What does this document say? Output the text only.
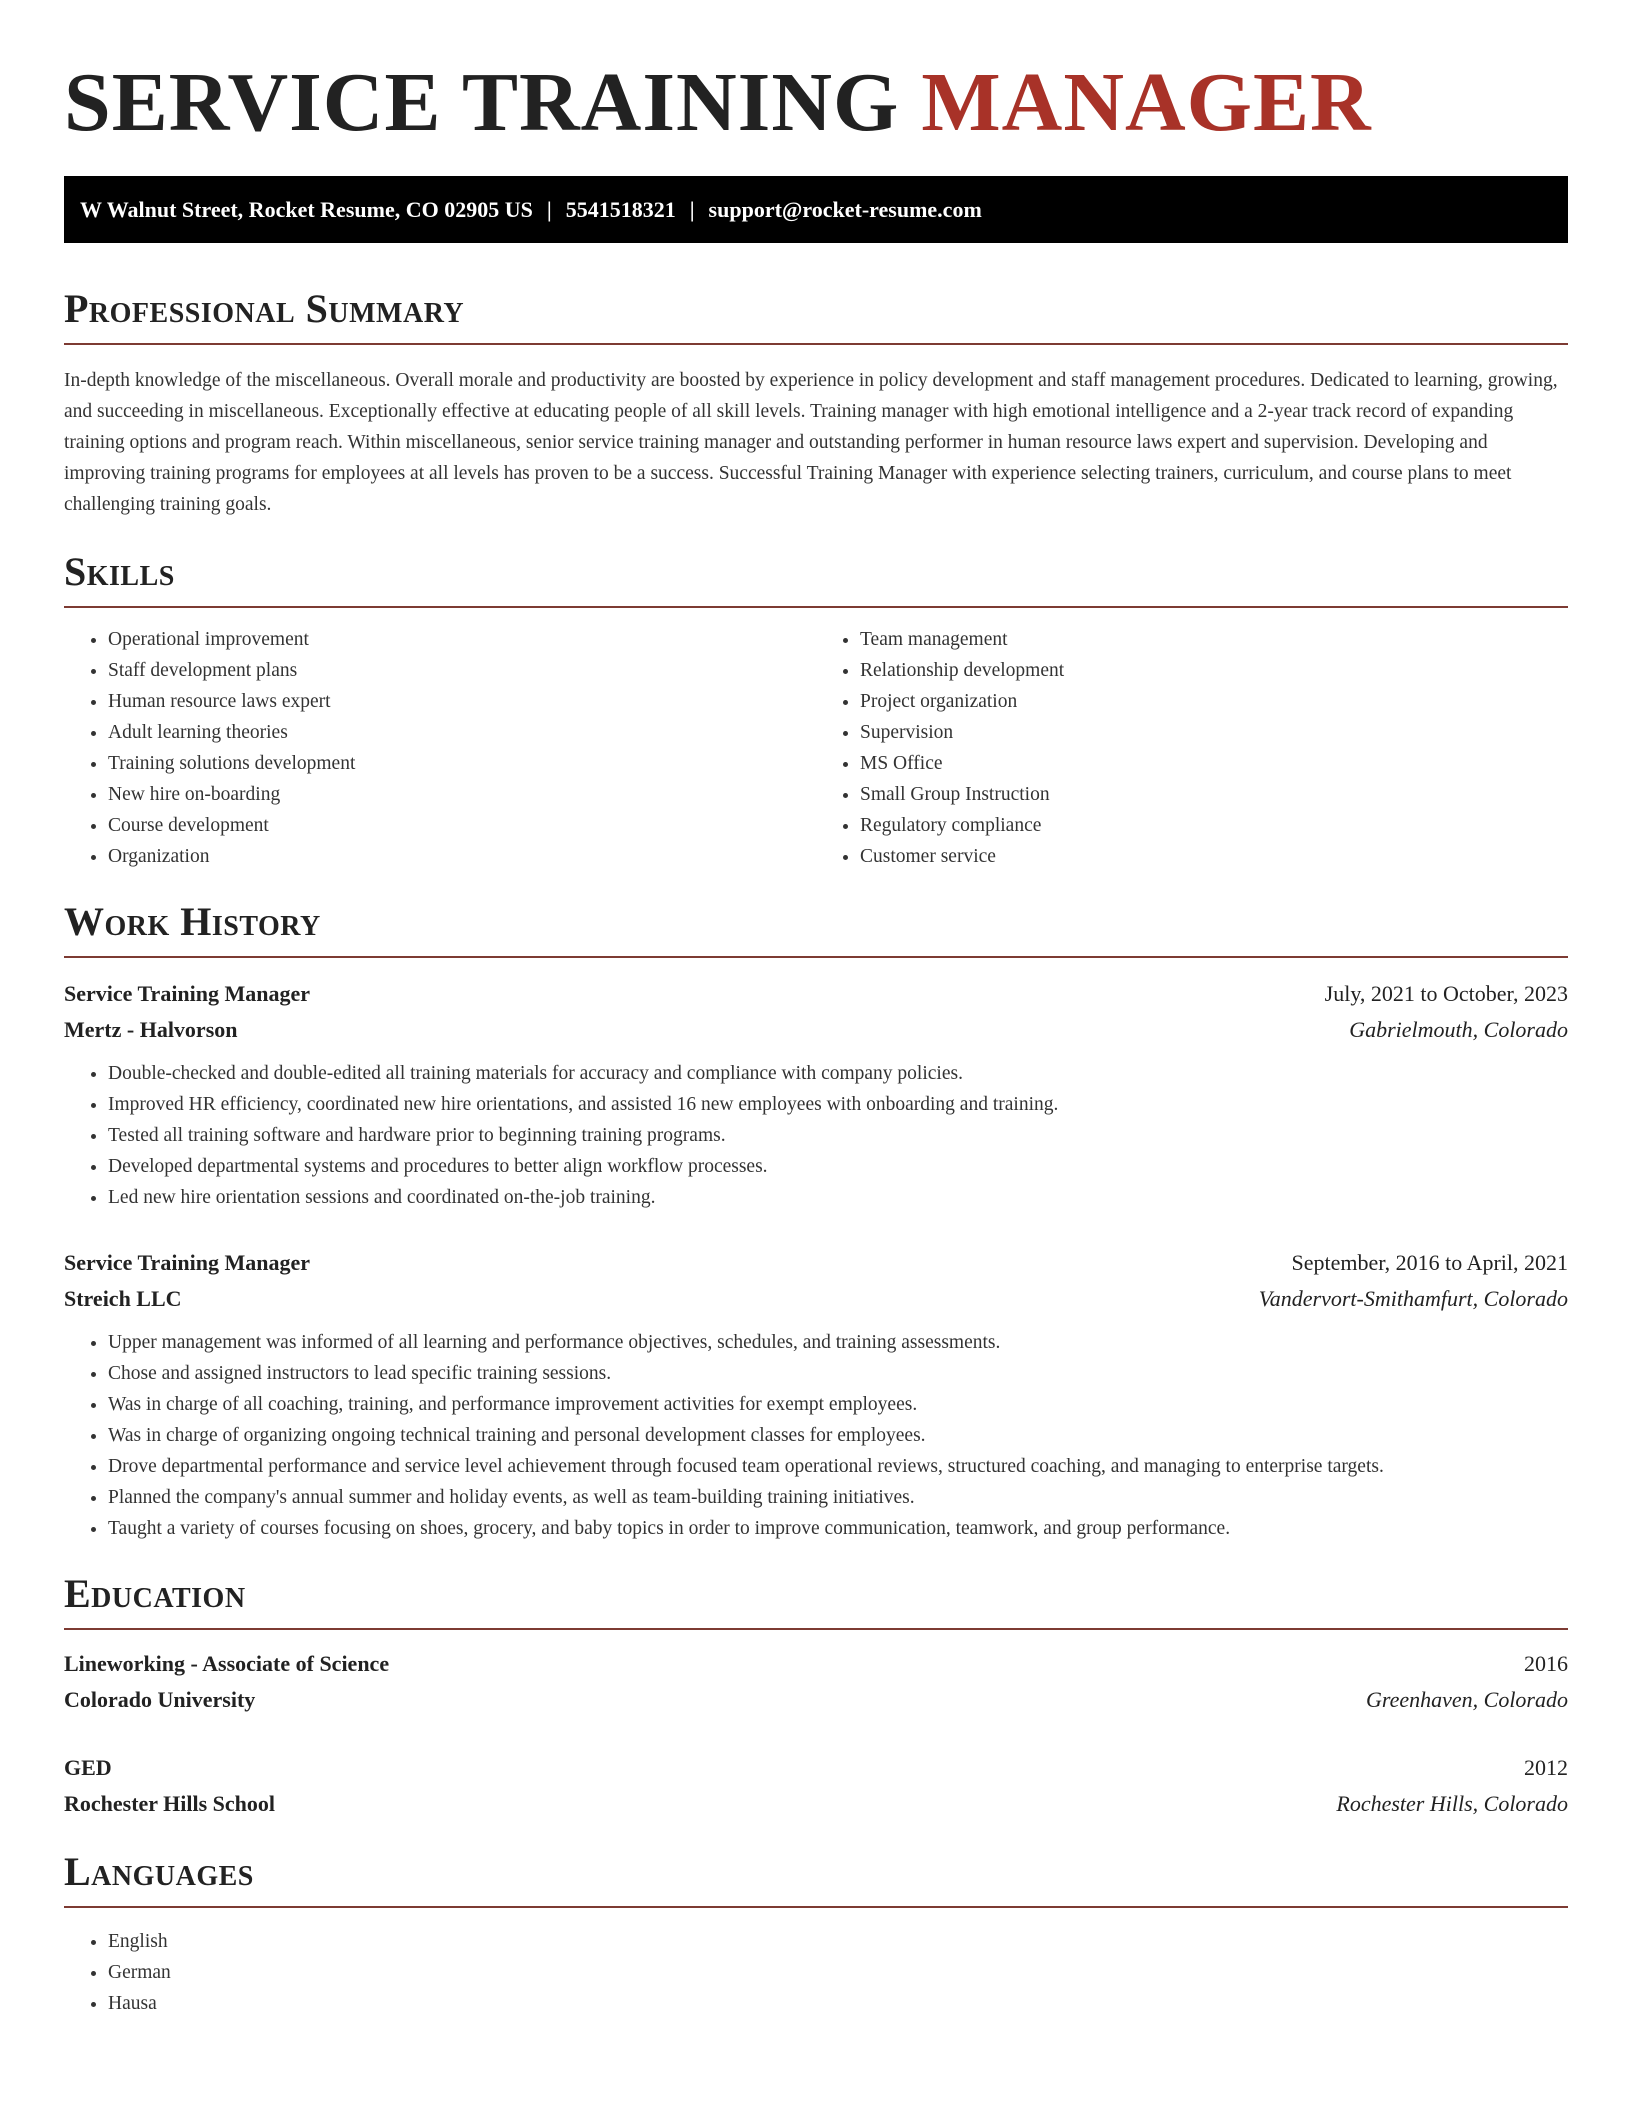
SERVICE TRAINING MANAGER
W Walnut Street, Rocket Resume, CO 02905 US | 5541518321 | support@rocket-resume.com
Professional Summary

In-depth knowledge of the miscellaneous. Overall morale and productivity are boosted by experience in policy development and staff management procedures. Dedicated to learning, growing, and succeeding in miscellaneous. Exceptionally effective at educating people of all skill levels. Training manager with high emotional intelligence and a 2-year track record of expanding training options and program reach. Within miscellaneous, senior service training manager and outstanding performer in human resource laws expert and supervision. Developing and improving training programs for employees at all levels has proven to be a success. Successful Training Manager with experience selecting trainers, curriculum, and course plans to meet challenging training goals.

Skills
• Operational improvement
• Staff development plans
• Human resource laws expert
• Adult learning theories
• Training solutions development
• New hire on-boarding
• Course development
• Organization
• Team management
• Relationship development
• Project organization
• Supervision
• MS Office
• Small Group Instruction
• Regulatory compliance
• Customer service
Work History
Service Training Manager	July, 2021 to October, 2023
Mertz - Halvorson	Gabrielmouth, Colorado
• Double-checked and double-edited all training materials for accuracy and compliance with company policies.
• Improved HR efficiency, coordinated new hire orientations, and assisted 16 new employees with onboarding and training.
• Tested all training software and hardware prior to beginning training programs.
• Developed departmental systems and procedures to better align workflow processes.
• Led new hire orientation sessions and coordinated on-the-job training.
Service Training Manager	September, 2016 to April, 2021
Streich LLC	Vandervort-Smithamfurt, Colorado
• Upper management was informed of all learning and performance objectives, schedules, and training assessments.
• Chose and assigned instructors to lead specific training sessions.
• Was in charge of all coaching, training, and performance improvement activities for exempt employees.
• Was in charge of organizing ongoing technical training and personal development classes for employees.
• Drove departmental performance and service level achievement through focused team operational reviews, structured coaching, and managing to enterprise targets.
• Planned the company's annual summer and holiday events, as well as team-building training initiatives.
• Taught a variety of courses focusing on shoes, grocery, and baby topics in order to improve communication, teamwork, and group performance.
Education
Lineworking - Associate of Science	2016
Colorado University	Greenhaven, Colorado
GED	2012
Rochester Hills School	Rochester Hills, Colorado
Languages
• English
• German
• Hausa
